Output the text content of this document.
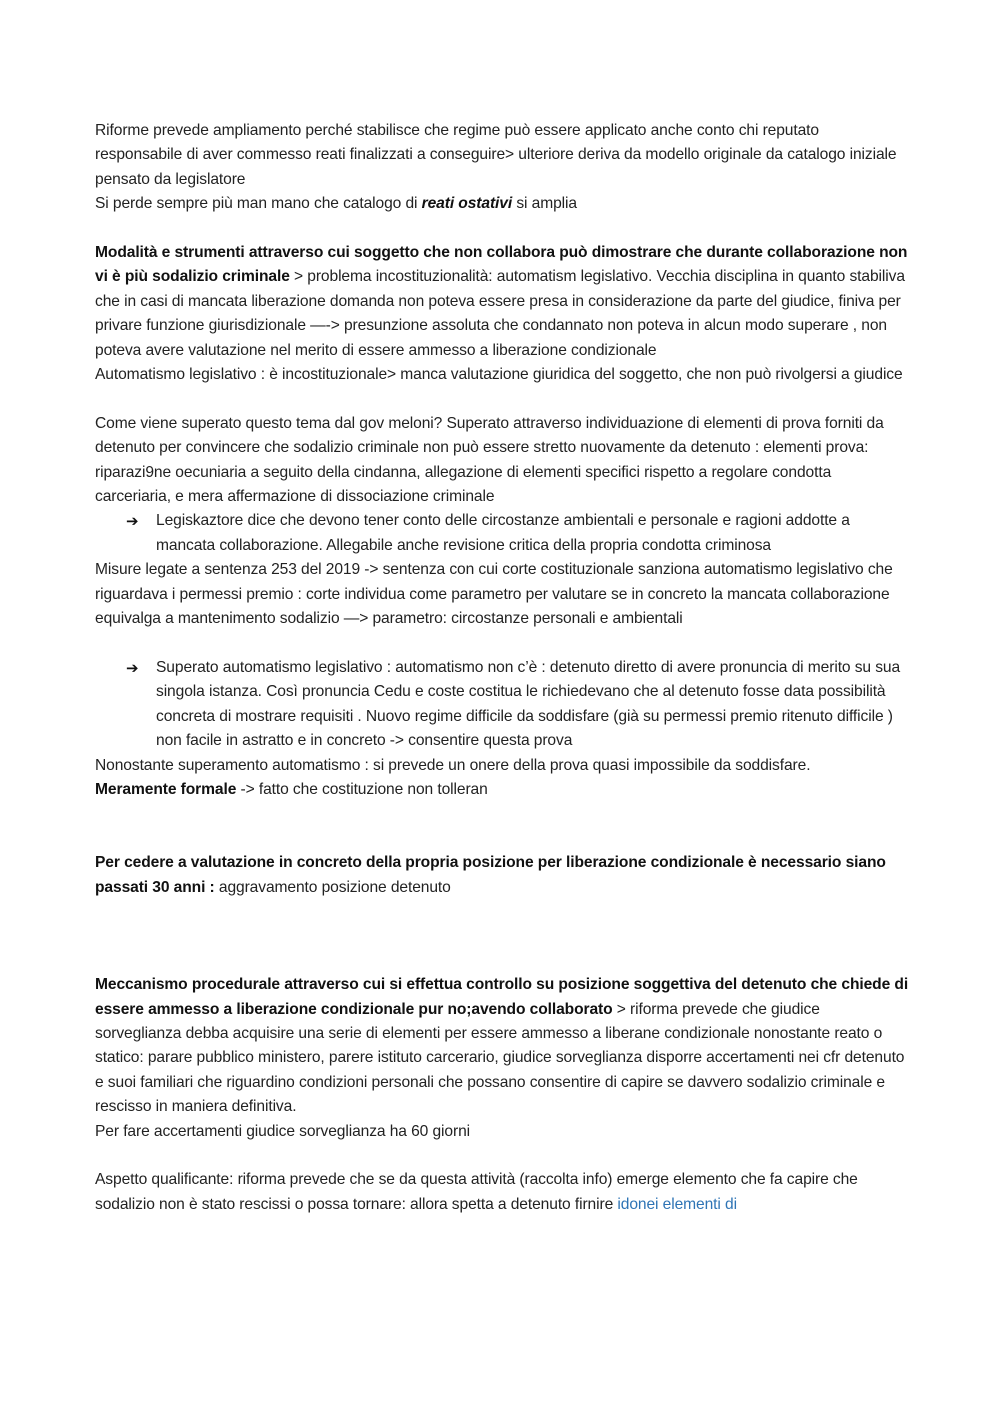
Riforme prevede ampliamento perché stabilisce che regime può essere applicato anche conto chi reputato responsabile di aver commesso reati finalizzati a conseguire> ulteriore deriva da modello originale da catalogo iniziale pensato da legislatore

Si perde sempre più man mano che catalogo di reati ostativi si amplia

Modalità e strumenti attraverso cui soggetto che non collabora può dimostrare che durante collaborazione non vi è più sodalizio criminale > problema incostituzionalità: automatism legislativo. Vecchia disciplina in quanto stabiliva che in casi di mancata liberazione domanda non poteva essere presa in considerazione da parte del giudice, finiva per privare funzione giurisdizionale —-> presunzione assoluta che condannato non poteva in alcun modo superare , non poteva avere valutazione nel merito di essere ammesso a liberazione condizionale

Automatismo legislativo : è incostituzionale> manca valutazione giuridica del soggetto, che non può rivolgersi a giudice

Come viene superato questo tema dal gov meloni? Superato attraverso individuazione di elementi di prova forniti da detenuto per convincere che sodalizio criminale non può essere stretto nuovamente da detenuto : elementi prova: riparazi9ne oecuniaria a seguito della cindanna, allegazione di elementi specifici rispetto a regolare condotta carceriaria, e mera affermazione di dissociazione criminale

➔	Legiskaztore dice che devono tener conto delle circostanze ambientali e personale e ragioni addotte a mancata collaborazione. Allegabile anche revisione critica della propria condotta criminosa

Misure legate a sentenza 253 del 2019 -> sentenza con cui corte costituzionale sanziona automatismo legislativo che riguardava i permessi premio : corte individua come parametro per valutare se in concreto la mancata collaborazione equivalga a mantenimento sodalizio —> parametro: circostanze personali e ambientali

➔	Superato automatismo legislativo : automatismo non c’è : detenuto diretto di avere pronuncia di merito su sua singola istanza. Così pronuncia Cedu e coste costitua le richiedevano che al detenuto fosse data possibilità concreta di mostrare requisiti . Nuovo regime difficile da soddisfare (già su permessi premio ritenuto difficile ) non facile in astratto e in concreto -> consentire questa prova

Nonostante superamento automatismo : si prevede un onere della prova quasi impossibile da soddisfare.

Meramente formale -> fatto che costituzione non tolleran

Per cedere a valutazione in concreto della propria posizione per liberazione condizionale è necessario siano passati 30 anni : aggravamento posizione detenuto

Meccanismo procedurale attraverso cui si effettua controllo su posizione soggettiva del detenuto che chiede di essere ammesso a liberazione condizionale pur no;avendo collaborato > riforma prevede che giudice sorveglianza debba acquisire una serie di elementi per essere ammesso a liberane condizionale nonostante reato o statico: parare pubblico ministero, parere istituto carcerario, giudice sorveglianza disporre accertamenti nei cfr detenuto e suoi familiari che riguardino condizioni personali che possano consentire di capire se davvero sodalizio criminale e rescisso in maniera definitiva.

Per fare accertamenti giudice sorveglianza ha 60 giorni

Aspetto qualificante: riforma prevede che se da questa attività (raccolta info) emerge elemento che fa capire che sodalizio non è stato rescissi o possa tornare: allora spetta a detenuto firnire idonei elementi di
